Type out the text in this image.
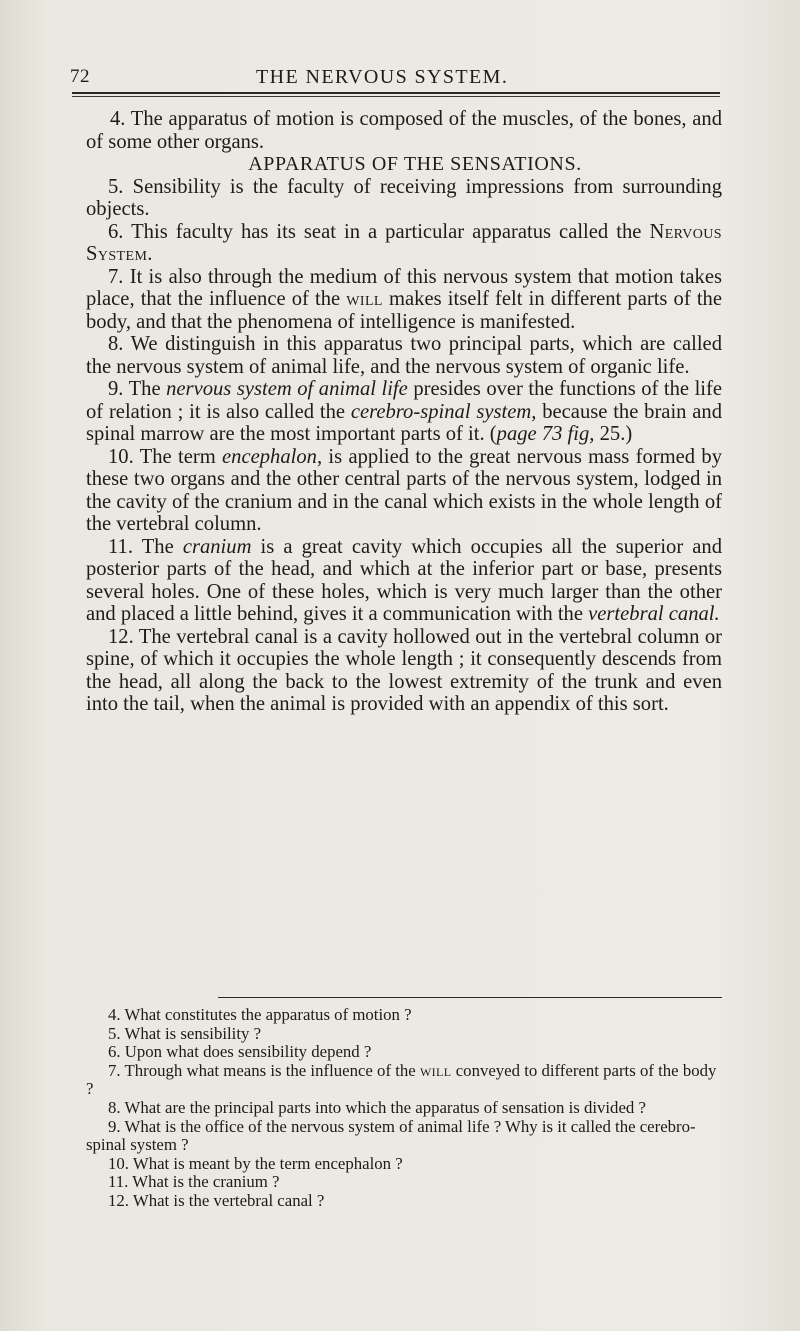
72	THE NERVOUS SYSTEM.

4. The apparatus of motion is composed of the muscles, of the bones, and of some other organs.

APPARATUS OF THE SENSATIONS.

5. Sensibility is the faculty of receiving impressions from surrounding objects.

6. This faculty has its seat in a particular apparatus called the Nervous System.

7. It is also through the medium of this nervous system that motion takes place, that the influence of the will makes itself felt in different parts of the body, and that the phenomena of intelligence is manifested.

8. We distinguish in this apparatus two principal parts, which are called the nervous system of animal life, and the nervous system of organic life.

9. The nervous system of animal life presides over the functions of the life of relation ; it is also called the cerebro-spinal system, because the brain and spinal marrow are the most important parts of it. (page 73 fig, 25.)

10. The term encephalon, is applied to the great nervous mass formed by these two organs and the other central parts of the nervous system, lodged in the cavity of the cranium and in the canal which exists in the whole length of the vertebral column.

11. The cranium is a great cavity which occupies all the superior and posterior parts of the head, and which at the inferior part or base, presents several holes. One of these holes, which is very much larger than the other and placed a little behind, gives it a communication with the vertebral canal.

12. The vertebral canal is a cavity hollowed out in the vertebral column or spine, of which it occupies the whole length ; it consequently descends from the head, all along the back to the lowest extremity of the trunk and even into the tail, when the animal is provided with an appendix of this sort.

4. What constitutes the apparatus of motion ?

5. What is sensibility ?

6. Upon what does sensibility depend ?

7. Through what means is the influence of the will conveyed to different parts of the body ?

8. What are the principal parts into which the apparatus of sensation is divided ?

9. What is the office of the nervous system of animal life ? Why is it called the cerebro-spinal system ?

10. What is meant by the term encephalon ?

11. What is the cranium ?

12. What is the vertebral canal ?
